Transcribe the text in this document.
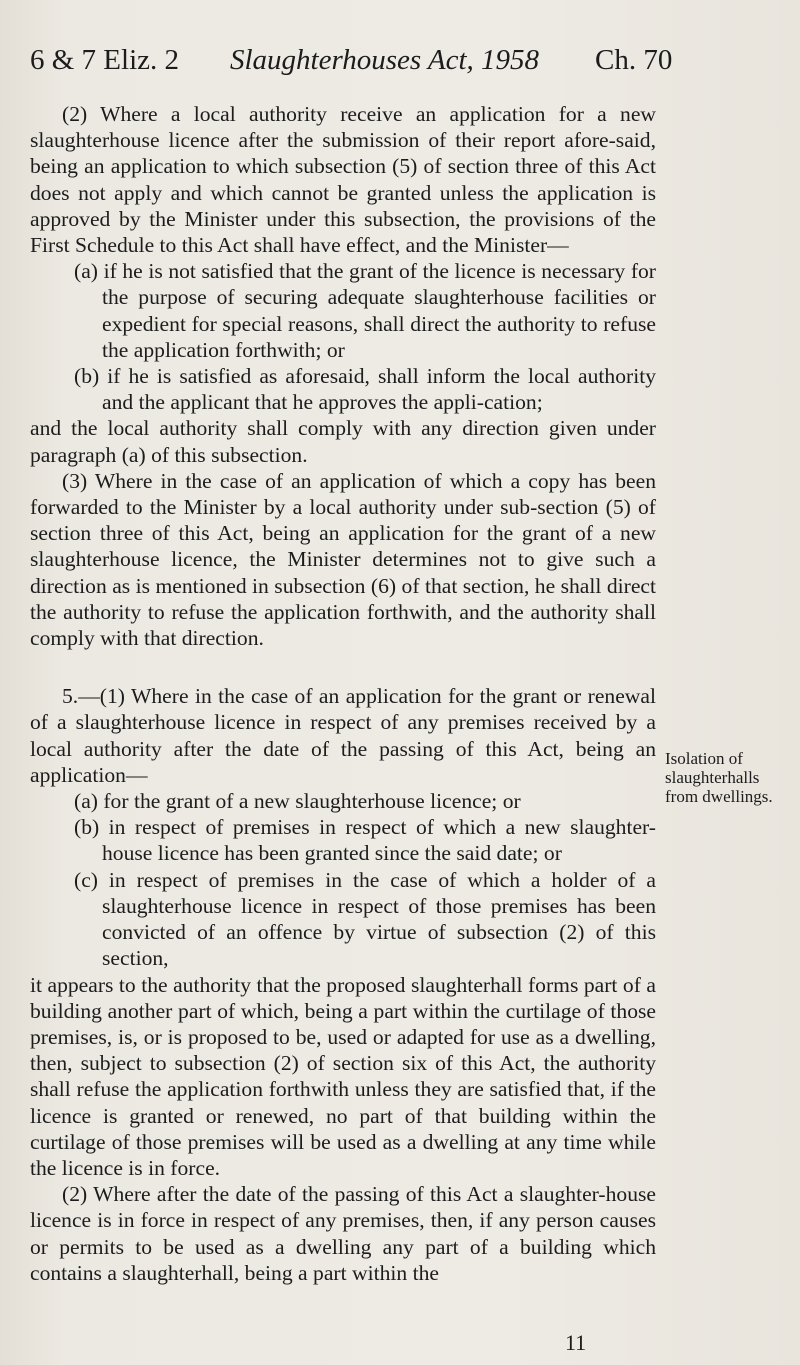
6 & 7 Eliz. 2 Slaughterhouses Act, 1958 Ch. 70

(2) Where a local authority receive an application for a new slaughterhouse licence after the submission of their report afore-said, being an application to which subsection (5) of section three of this Act does not apply and which cannot be granted unless the application is approved by the Minister under this subsection, the provisions of the First Schedule to this Act shall have effect, and the Minister—

(a) if he is not satisfied that the grant of the licence is necessary for the purpose of securing adequate slaughterhouse facilities or expedient for special reasons, shall direct the authority to refuse the application forthwith; or

(b) if he is satisfied as aforesaid, shall inform the local authority and the applicant that he approves the appli-cation;

and the local authority shall comply with any direction given under paragraph (a) of this subsection.

(3) Where in the case of an application of which a copy has been forwarded to the Minister by a local authority under sub-section (5) of section three of this Act, being an application for the grant of a new slaughterhouse licence, the Minister determines not to give such a direction as is mentioned in subsection (6) of that section, he shall direct the authority to refuse the application forthwith, and the authority shall comply with that direction.

5.—(1) Where in the case of an application for the grant or renewal of a slaughterhouse licence in respect of any premises received by a local authority after the date of the passing of this Act, being an application—

(a) for the grant of a new slaughterhouse licence; or

(b) in respect of premises in respect of which a new slaughter-house licence has been granted since the said date; or

(c) in respect of premises in the case of which a holder of a slaughterhouse licence in respect of those premises has been convicted of an offence by virtue of subsection (2) of this section,

it appears to the authority that the proposed slaughterhall forms part of a building another part of which, being a part within the curtilage of those premises, is, or is proposed to be, used or adapted for use as a dwelling, then, subject to subsection (2) of section six of this Act, the authority shall refuse the application forthwith unless they are satisfied that, if the licence is granted or renewed, no part of that building within the curtilage of those premises will be used as a dwelling at any time while the licence is in force.

(2) Where after the date of the passing of this Act a slaughter-house licence is in force in respect of any premises, then, if any person causes or permits to be used as a dwelling any part of a building which contains a slaughterhall, being a part within the

Isolation of slaughterhalls from dwellings.
11
